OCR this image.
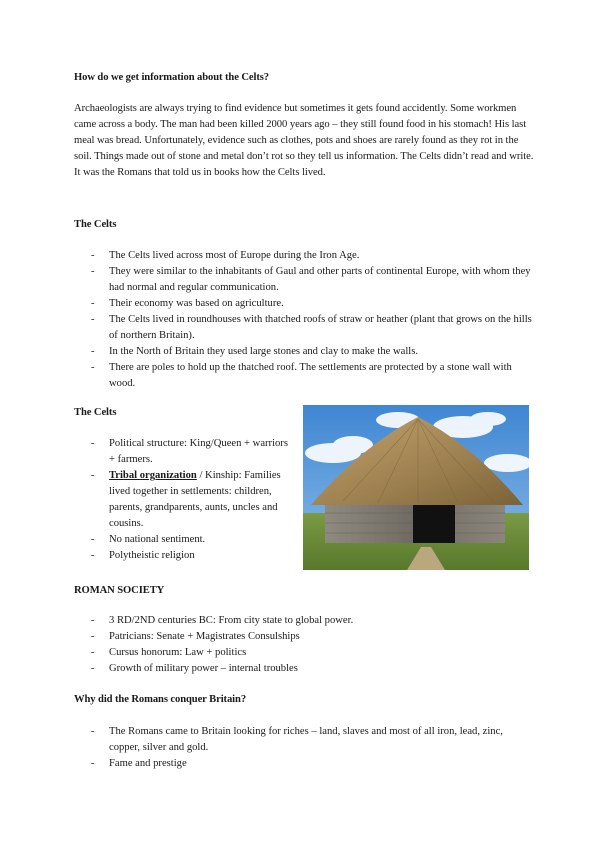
How do we get information about the Celts?
Archaeologists are always trying to find evidence but sometimes it gets found accidently. Some workmen came across a body. The man had been killed 2000 years ago – they still found food in his stomach! His last meal was bread. Unfortunately, evidence such as clothes, pots and shoes are rarely found as they rot in the soil. Things made out of stone and metal don’t rot so they tell us information. The Celts didn’t read and write. It was the Romans that told us in books how the Celts lived.
The Celts
- The Celts lived across most of Europe during the Iron Age.
- They were similar to the inhabitants of Gaul and other parts of continental Europe, with whom they had normal and regular communication.
- Their economy was based on agriculture.
- The Celts lived in roundhouses with thatched roofs of straw or heather (plant that grows on the hills of northern Britain).
- In the North of Britain they used large stones and clay to make the walls.
- There are poles to hold up the thatched roof. The settlements are protected by a stone wall with wood.
The Celts
- Political structure: King/Queen + warriors + farmers.
- Tribal organization / Kinship: Families lived together in settlements: children, parents, grandparents, aunts, uncles and cousins.
- No national sentiment.
- Polytheistic religion
ROMAN SOCIETY
- 3 RD/2ND centuries BC: From city state to global power.
- Patricians: Senate + Magistrates Consulships
- Cursus honorum: Law + politics
- Growth of military power – internal troubles
Why did the Romans conquer Britain?
- The Romans came to Britain looking for riches – land, slaves and most of all iron, lead, zinc, copper, silver and gold.
- Fame and prestige
